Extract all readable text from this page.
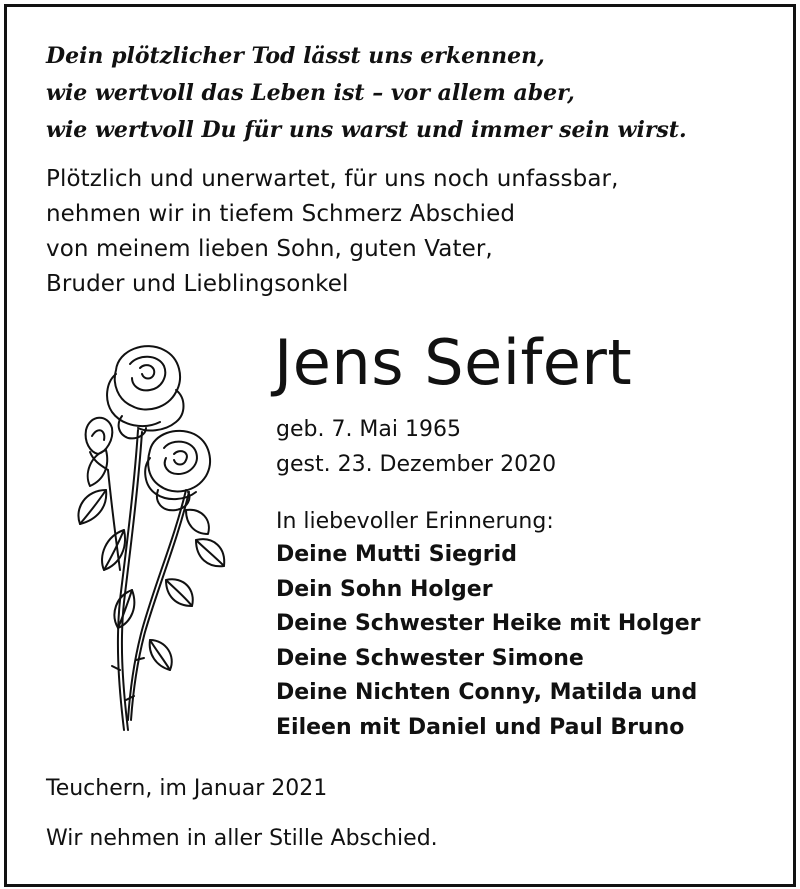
Dein plötzlicher Tod lässt uns erkennen,
wie wertvoll das Leben ist – vor allem aber,
wie wertvoll Du für uns warst und immer sein wirst.
Plötzlich und unerwartet, für uns noch unfassbar,
nehmen wir in tiefem Schmerz Abschied
von meinem lieben Sohn, guten Vater,
Bruder und Lieblingsonkel
Jens Seifert
geb. 7. Mai 1965
gest. 23. Dezember 2020
In liebevoller Erinnerung:
Deine Mutti Siegrid
Dein Sohn Holger
Deine Schwester Heike mit Holger
Deine Schwester Simone
Deine Nichten Conny, Matilda und
Eileen mit Daniel und Paul Bruno
Teuchern, im Januar 2021
Wir nehmen in aller Stille Abschied.
